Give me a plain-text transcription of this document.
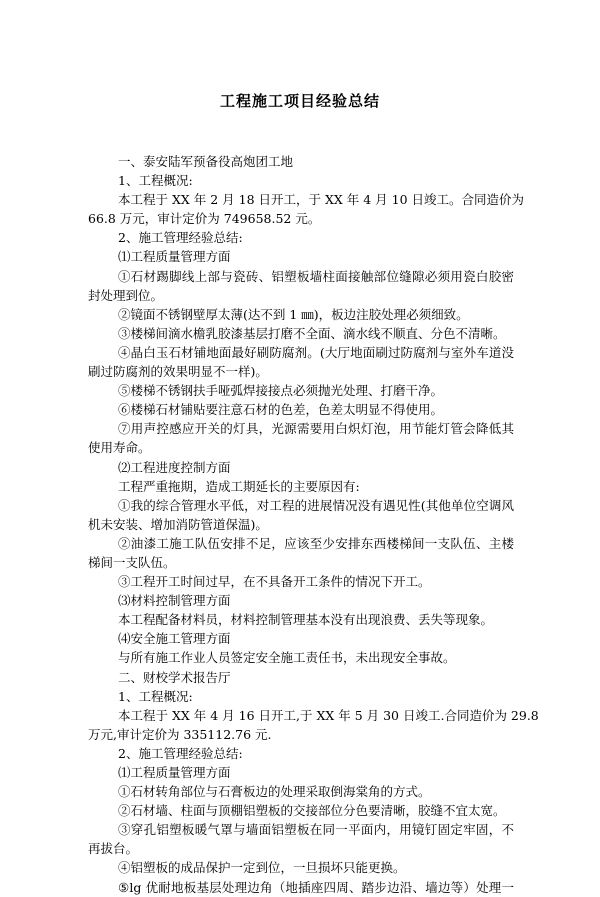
工程施工项目经验总结
一、泰安陆军预备役高炮团工地
1、工程概况:
本工程于 XX 年 2 月 18 日开工，于 XX 年 4 月 10 日竣工。合同造价为
66.8 万元，审计定价为 749658.52 元。
2、施工管理经验总结:
⑴工程质量管理方面
①石材踢脚线上部与瓷砖、铝塑板墙柱面接触部位缝隙必须用瓷白胶密
封处理到位。
②镜面不锈钢壁厚太薄(达不到 1 ㎜)，板边注胶处理必须细致。
③楼梯间滴水檐乳胶漆基层打磨不全面、滴水线不顺直、分色不清晰。
④晶白玉石材铺地面最好刷防腐剂。(大厅地面刷过防腐剂与室外车道没
刷过防腐剂的效果明显不一样)。
⑤楼梯不锈钢扶手哑弧焊接接点必须抛光处理、打磨干净。
⑥楼梯石材铺贴要注意石材的色差，色差太明显不得使用。
⑦用声控感应开关的灯具，光源需要用白炽灯泡，用节能灯管会降低其
使用寿命。
⑵工程进度控制方面
工程严重拖期，造成工期延长的主要原因有:
①我的综合管理水平低，对工程的进展情况没有遇见性(其他单位空调风
机未安装、增加消防管道保温)。
②油漆工施工队伍安排不足，应该至少安排东西楼梯间一支队伍、主楼
梯间一支队伍。
③工程开工时间过早，在不具备开工条件的情况下开工。
⑶材料控制管理方面
本工程配备材料员，材料控制管理基本没有出现浪费、丢失等现象。
⑷安全施工管理方面
与所有施工作业人员签定安全施工责任书，未出现安全事故。
二、财校学术报告厅
1、工程概况:
本工程于 XX 年 4 月 16 日开工,于 XX 年 5 月 30 日竣工.合同造价为 29.8
万元,审计定价为 335112.76 元.
2、施工管理经验总结:
⑴工程质量管理方面
①石材转角部位与石膏板边的处理采取倒海棠角的方式。
②石材墙、柱面与顶棚铝塑板的交接部位分色要清晰，胶缝不宜太宽。
③穿孔铝塑板暖气罩与墙面铝塑板在同一平面内，用镜钉固定牢固，不
再拔台。
④铝塑板的成品保护一定到位，一旦损坏只能更换。
⑤lg 优耐地板基层处理边角（地插座四周、踏步边沿、墙边等）处理一
